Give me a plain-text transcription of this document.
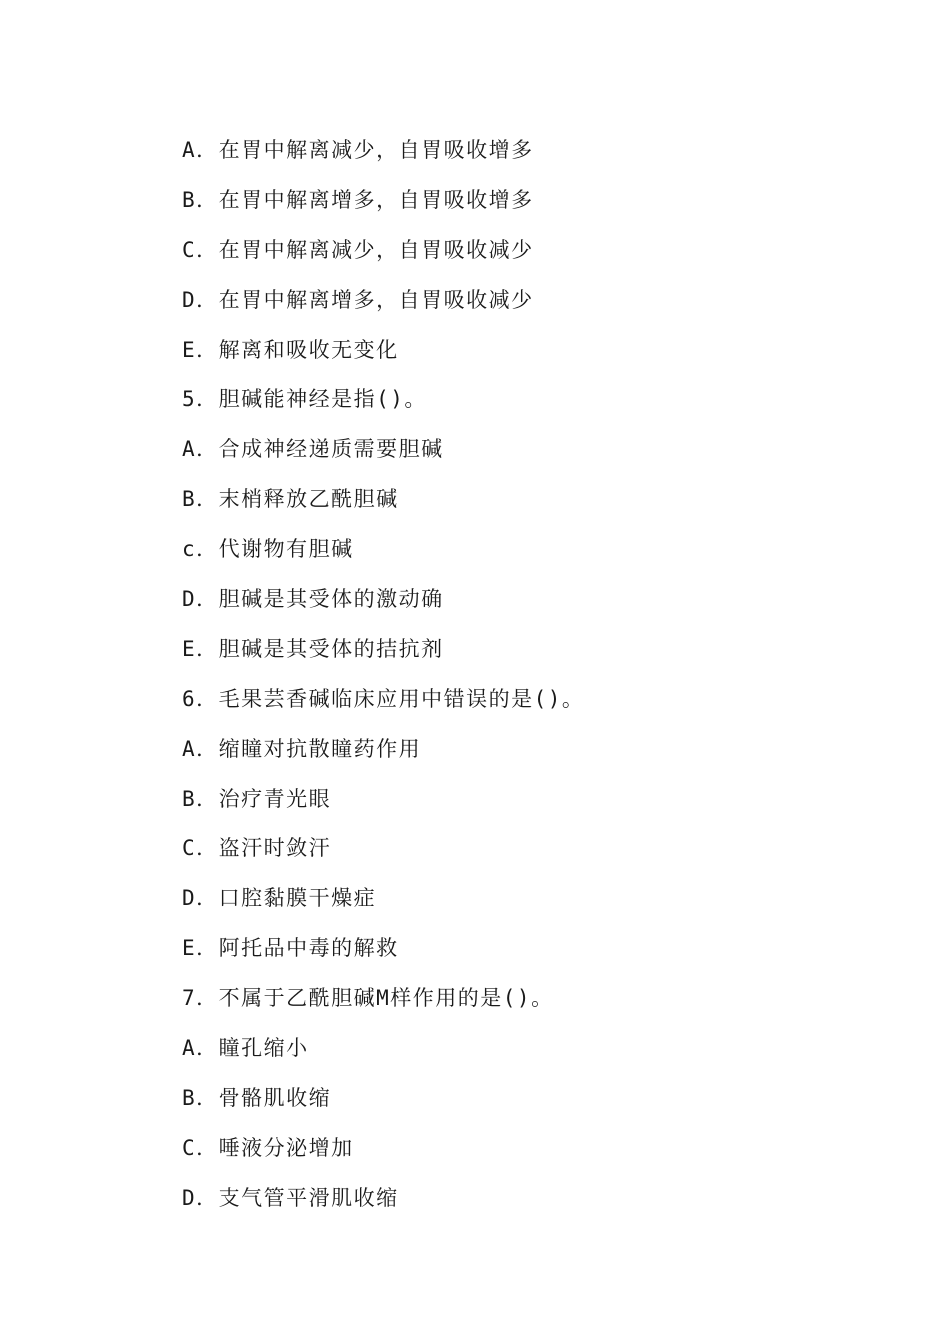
A．在胃中解离减少，自胃吸收增多
B．在胃中解离增多，自胃吸收增多
C．在胃中解离减少，自胃吸收减少
D．在胃中解离增多，自胃吸收减少
E．解离和吸收无变化
5．胆碱能神经是指()。
A．合成神经递质需要胆碱
B．末梢释放乙酰胆碱
c．代谢物有胆碱
D．胆碱是其受体的激动确
E．胆碱是其受体的拮抗剂
6．毛果芸香碱临床应用中错误的是()。
A．缩瞳对抗散瞳药作用
B．治疗青光眼
C．盗汗时敛汗
D．口腔黏膜干燥症
E．阿托品中毒的解救
7．不属于乙酰胆碱M样作用的是()。
A．瞳孔缩小
B．骨骼肌收缩
C．唾液分泌增加
D．支气管平滑肌收缩
